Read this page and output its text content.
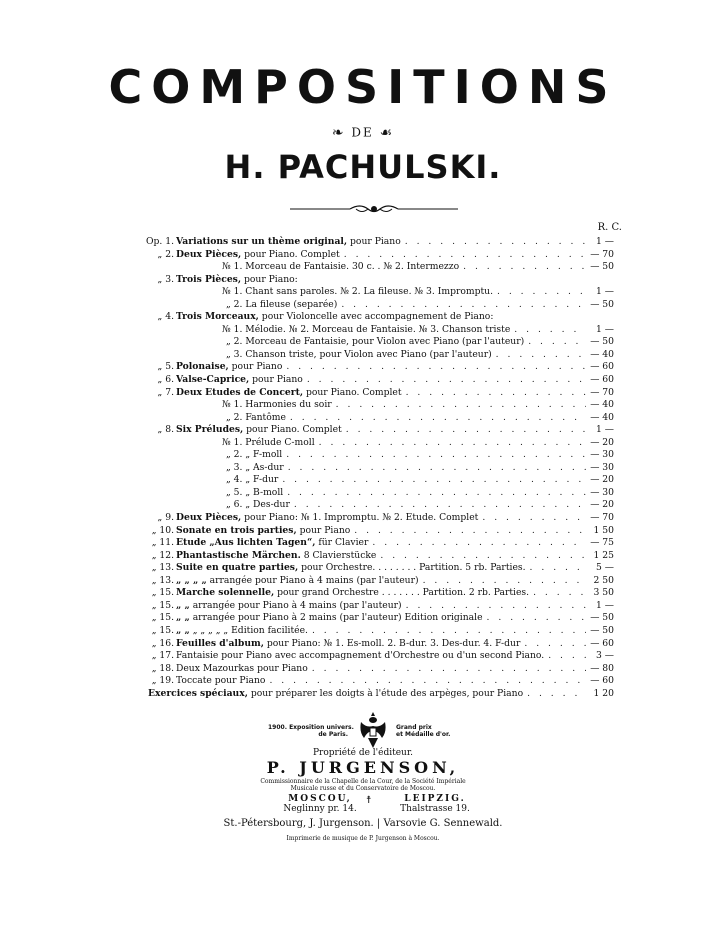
COMPOSITIONS
❧ DE ☙
H. PACHULSKI.
R. C.
Op. 1. Variations sur un thème original, pour Piano . . .	1 —
„ 2. Deux Pièces, pour Piano. Complet . . .	— 70
№ 1. Morceau de Fantaisie. 30 c. . № 2. Intermezzo . . .	— 50
„ 3. Trois Pièces, pour Piano:
№ 1. Chant sans paroles. № 2. La fileuse. № 3. Impromptu. . . .	1 —
„ 2. La fileuse (separée) . . .	— 50
„ 4. Trois Morceaux, pour Violoncelle avec accompagnement de Piano:
№ 1. Mélodie. № 2. Morceau de Fantaisie. № 3. Chanson triste . . .	1 —
„ 2. Morceau de Fantaisie, pour Violon avec Piano (par l'auteur) . . .	— 50
„ 3. Chanson triste, pour Violon avec Piano (par l'auteur) . . .	— 40
„ 5. Polonaise, pour Piano . . .	— 60
„ 6. Valse-Caprice, pour Piano . . .	— 60
„ 7. Deux Etudes de Concert, pour Piano. Complet . . .	— 70
№ 1. Harmonies du soir . . .	— 40
„ 2. Fantôme . . .	— 40
„ 8. Six Préludes, pour Piano. Complet . . .	1 —
№ 1. Prélude C-moll . . .	— 20
„ 2. „ F-moll . . .	— 30
„ 3. „ As-dur . . .	— 30
„ 4. „ F-dur . . .	— 20
„ 5. „ B-moll . . .	— 30
„ 6. „ Des-dur . . .	— 20
„ 9. Deux Pièces, pour Piano: № 1. Impromptu. № 2. Etude. Complet . . .	— 70
„ 10. Sonate en trois parties, pour Piano . . .	1 50
„ 11. Etude „Aus lichten Tagen“, für Clavier . . .	— 75
„ 12. Phantastische Märchen. 8 Clavierstücke . . .	1 25
„ 13. Suite en quatre parties, pour Orchestre. . . . . . . . Partition. 5 rb. Parties. . . .	5 —
„ 13. „ „ „ „ arrangée pour Piano à 4 mains (par l'auteur) . . .	2 50
„ 15. Marche solennelle, pour grand Orchestre . . . . . . . Partition. 2 rb. Parties. . . .	3 50
„ 15. „ „ arrangée pour Piano à 4 mains (par l'auteur) . . .	1 —
„ 15. „ „ arrangée pour Piano à 2 mains (par l'auteur) Edition originale . . .	— 50
„ 15. „ „ „ „ „ „ „ Edition facilitée. . . .	— 50
„ 16. Feuilles d'album, pour Piano: № 1. Es-moll. 2. B-dur. 3. Des-dur. 4. F-dur . . .	— 60
„ 17. Fantaisie pour Piano avec accompagnement d'Orchestre ou d'un second Piano. . . .	3 —
„ 18. Deux Mazourkas pour Piano . . .	— 80
„ 19. Toccate pour Piano . . .	— 60
Exercices spéciaux, pour préparer les doigts à l'étude des arpèges, pour Piano . . .	1 20
1900. Exposition univers.
de Paris.
Grand prix
et Médaille d'or.
Propriété de l'éditeur.
P. JURGENSON,
Commissionnaire de la Chapelle de la Cour, de la Société Impériale
Musicale russe et du Conservatoire de Moscou.
MOSCOU,
Neglinny pr. 14.
☨	LEIPZIG.
Thalstrasse 19.
St.-Pétersbourg, J. Jurgenson. | Varsovie G. Sennewald.
Imprimerie de musique de P. Jurgenson à Moscou.
